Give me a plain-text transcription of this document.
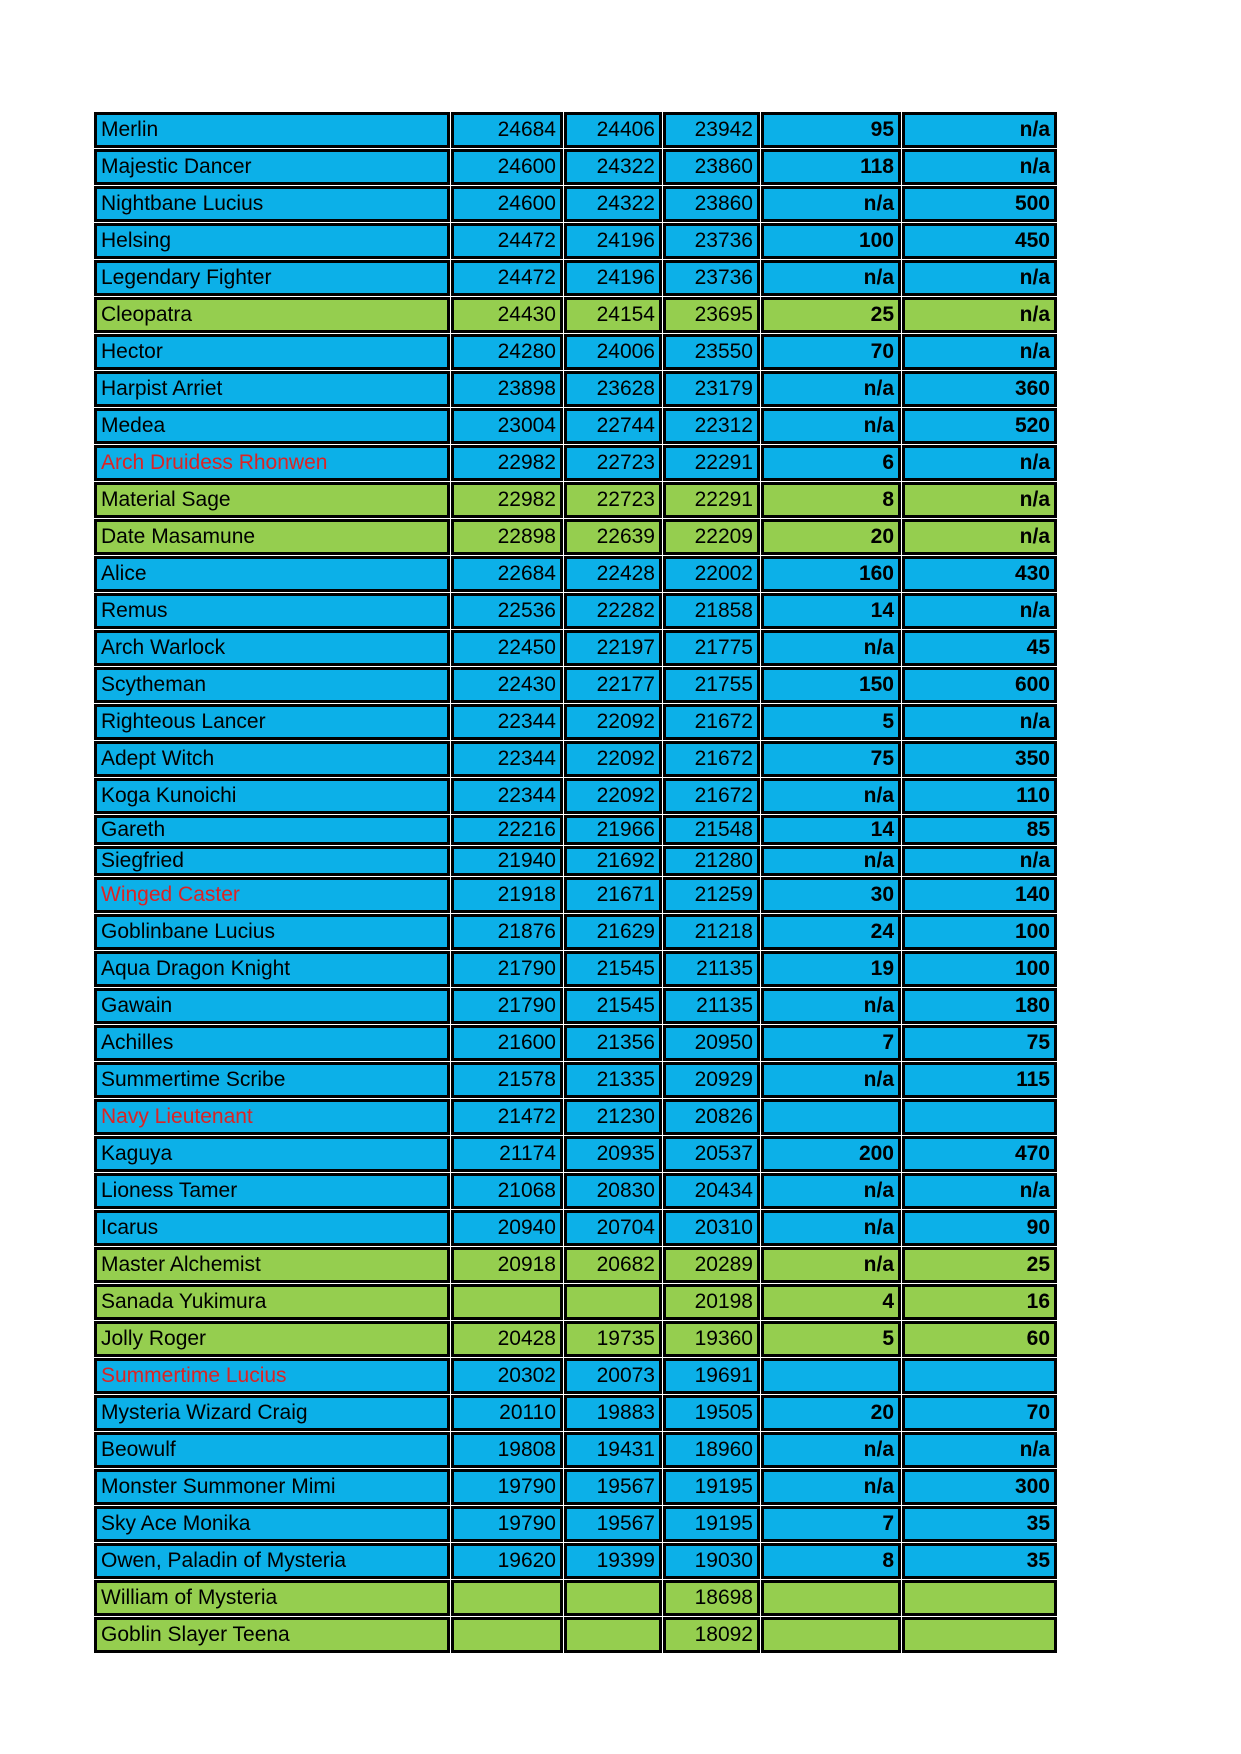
Merlin	24684	24406	23942	95	n/a
Majestic Dancer	24600	24322	23860	118	n/a
Nightbane Lucius	24600	24322	23860	n/a	500
Helsing	24472	24196	23736	100	450
Legendary Fighter	24472	24196	23736	n/a	n/a
Cleopatra	24430	24154	23695	25	n/a
Hector	24280	24006	23550	70	n/a
Harpist Arriet	23898	23628	23179	n/a	360
Medea	23004	22744	22312	n/a	520
Arch Druidess Rhonwen	22982	22723	22291	6	n/a
Material Sage	22982	22723	22291	8	n/a
Date Masamune	22898	22639	22209	20	n/a
Alice	22684	22428	22002	160	430
Remus	22536	22282	21858	14	n/a
Arch Warlock	22450	22197	21775	n/a	45
Scytheman	22430	22177	21755	150	600
Righteous Lancer	22344	22092	21672	5	n/a
Adept Witch	22344	22092	21672	75	350
Koga Kunoichi	22344	22092	21672	n/a	110
Gareth	22216	21966	21548	14	85
Siegfried	21940	21692	21280	n/a	n/a
Winged Caster	21918	21671	21259	30	140
Goblinbane Lucius	21876	21629	21218	24	100
Aqua Dragon Knight	21790	21545	21135	19	100
Gawain	21790	21545	21135	n/a	180
Achilles	21600	21356	20950	7	75
Summertime Scribe	21578	21335	20929	n/a	115
Navy Lieutenant	21472	21230	20826		
Kaguya	21174	20935	20537	200	470
Lioness Tamer	21068	20830	20434	n/a	n/a
Icarus	20940	20704	20310	n/a	90
Master Alchemist	20918	20682	20289	n/a	25
Sanada Yukimura			20198	4	16
Jolly Roger	20428	19735	19360	5	60
Summertime Lucius	20302	20073	19691		
Mysteria Wizard Craig	20110	19883	19505	20	70
Beowulf	19808	19431	18960	n/a	n/a
Monster Summoner Mimi	19790	19567	19195	n/a	300
Sky Ace Monika	19790	19567	19195	7	35
Owen, Paladin of Mysteria	19620	19399	19030	8	35
William of Mysteria			18698		
Goblin Slayer Teena			18092		
